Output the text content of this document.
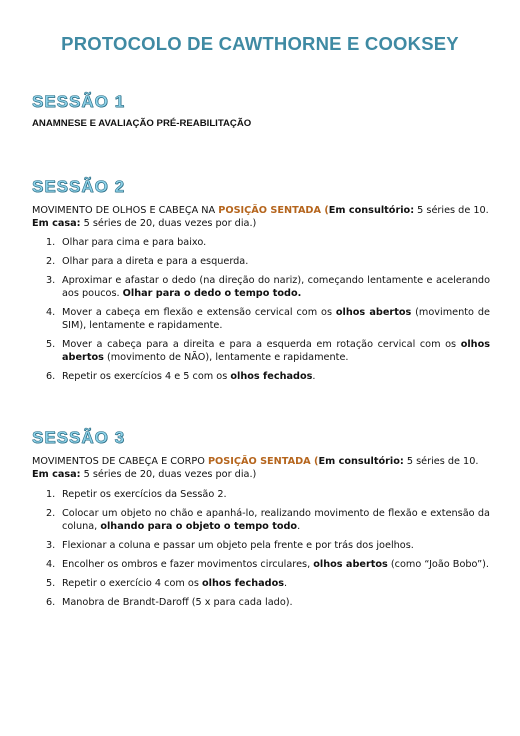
PROTOCOLO DE CAWTHORNE E COOKSEY
SESSÃO 1
ANAMNESE E AVALIAÇÃO PRÉ-REABILITAÇÃO
SESSÃO 2
MOVIMENTO DE OLHOS E CABEÇA NA POSIÇÃO SENTADA (Em consultório: 5 séries de 10. Em casa: 5 séries de 20, duas vezes por dia.)
1. Olhar para cima e para baixo.
2. Olhar para a direta e para a esquerda.
3. Aproximar e afastar o dedo (na direção do nariz), começando lentamente e acelerando aos poucos. Olhar para o dedo o tempo todo.
4. Mover a cabeça em flexão e extensão cervical com os olhos abertos (movimento de SIM), lentamente e rapidamente.
5. Mover a cabeça para a direita e para a esquerda em rotação cervical com os olhos abertos (movimento de NÃO), lentamente e rapidamente.
6. Repetir os exercícios 4 e 5 com os olhos fechados.
SESSÃO 3
MOVIMENTOS DE CABEÇA E CORPO POSIÇÃO SENTADA (Em consultório: 5 séries de 10. Em casa: 5 séries de 20, duas vezes por dia.)
1. Repetir os exercícios da Sessão 2.
2. Colocar um objeto no chão e apanhá-lo, realizando movimento de flexão e extensão da coluna, olhando para o objeto o tempo todo.
3. Flexionar a coluna e passar um objeto pela frente e por trás dos joelhos.
4. Encolher os ombros e fazer movimentos circulares, olhos abertos (como “João Bobo”).
5. Repetir o exercício 4 com os olhos fechados.
6. Manobra de Brandt-Daroff (5 x para cada lado).
